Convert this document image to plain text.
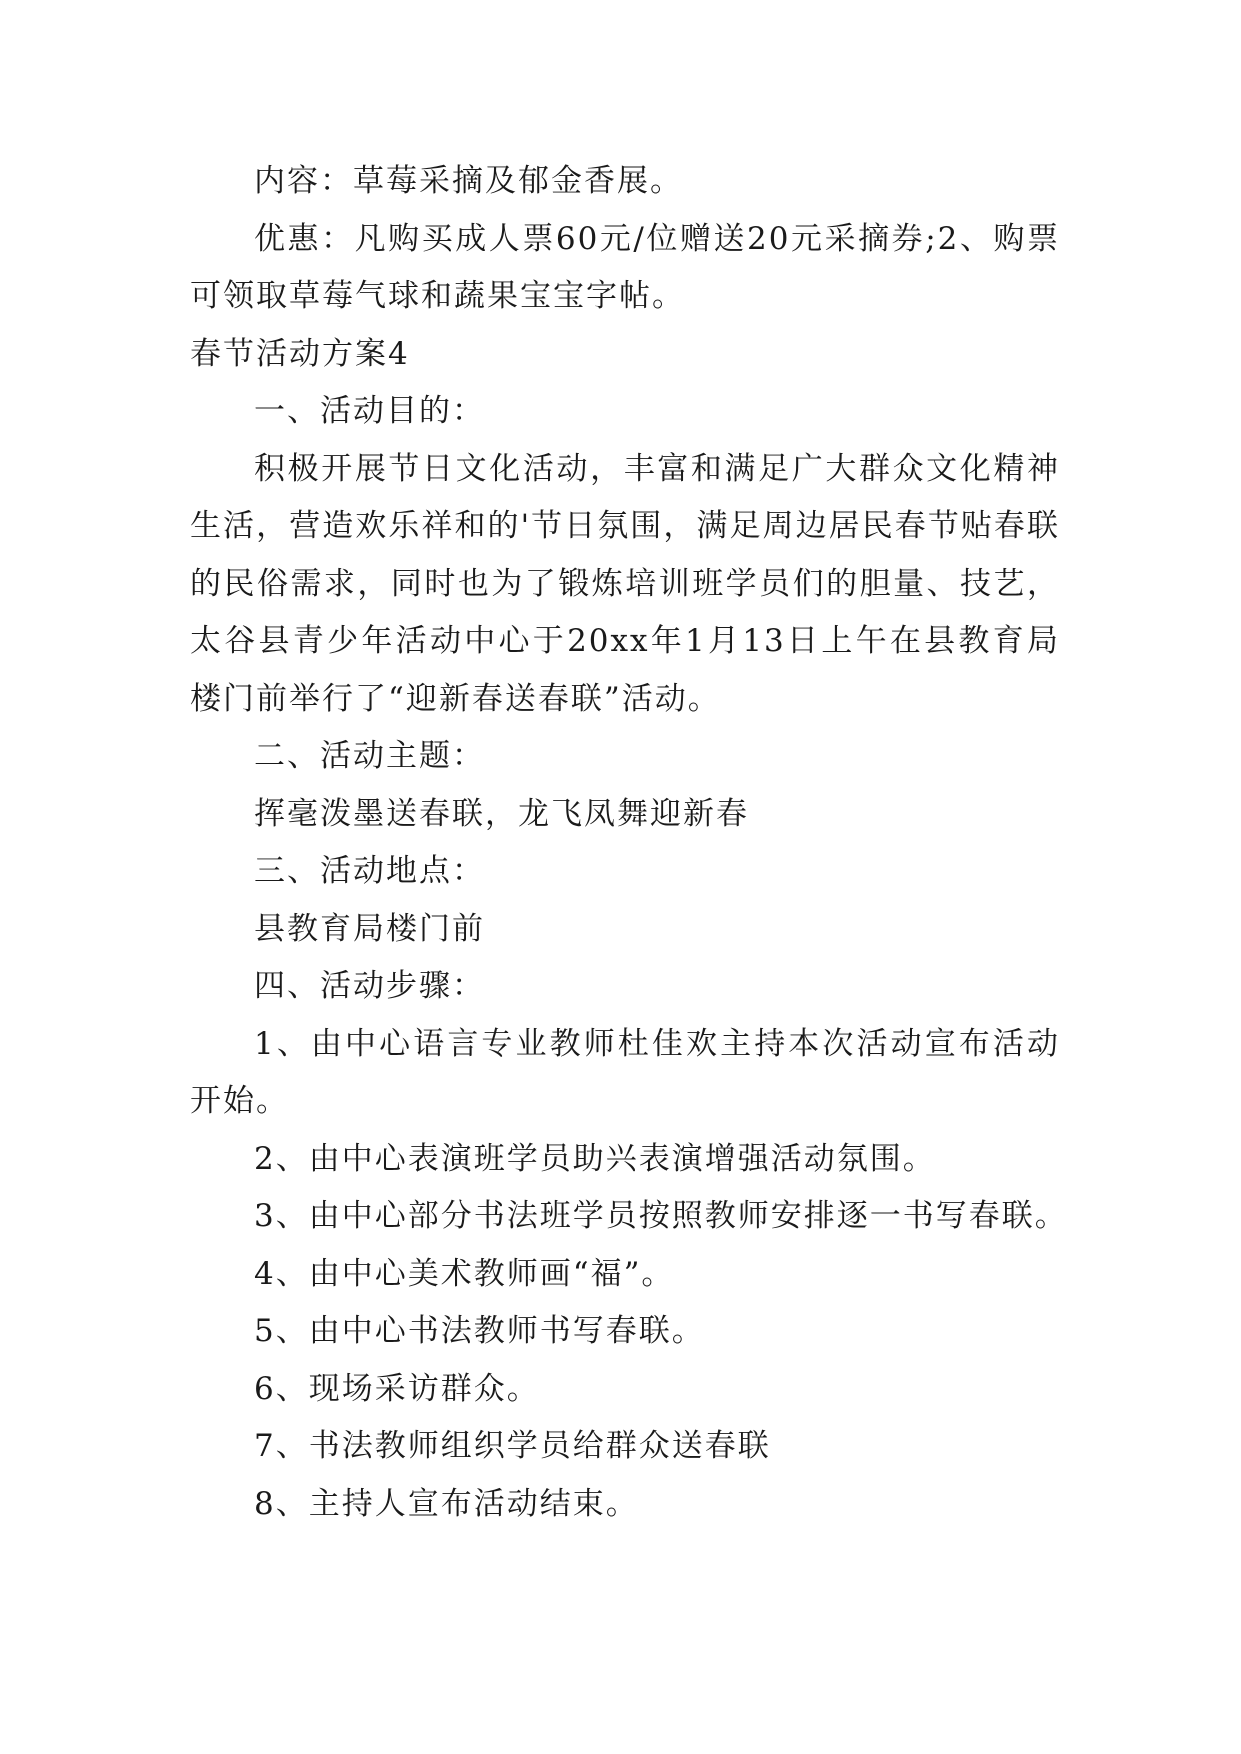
内容：草莓采摘及郁金香展。

优惠：凡购买成人票60元/位赠送20元采摘券;2、购票可领取草莓气球和蔬果宝宝字帖。

春节活动方案4

一、活动目的：

积极开展节日文化活动，丰富和满足广大群众文化精神生活，营造欢乐祥和的'节日氛围，满足周边居民春节贴春联的民俗需求，同时也为了锻炼培训班学员们的胆量、技艺，太谷县青少年活动中心于20xx年1月13日上午在县教育局楼门前举行了“迎新春送春联”活动。

二、活动主题：

挥毫泼墨送春联，龙飞凤舞迎新春

三、活动地点：

县教育局楼门前

四、活动步骤：

1、由中心语言专业教师杜佳欢主持本次活动宣布活动开始。

2、由中心表演班学员助兴表演增强活动氛围。

3、由中心部分书法班学员按照教师安排逐一书写春联。

4、由中心美术教师画“福”。

5、由中心书法教师书写春联。

6、现场采访群众。

7、书法教师组织学员给群众送春联

8、主持人宣布活动结束。
